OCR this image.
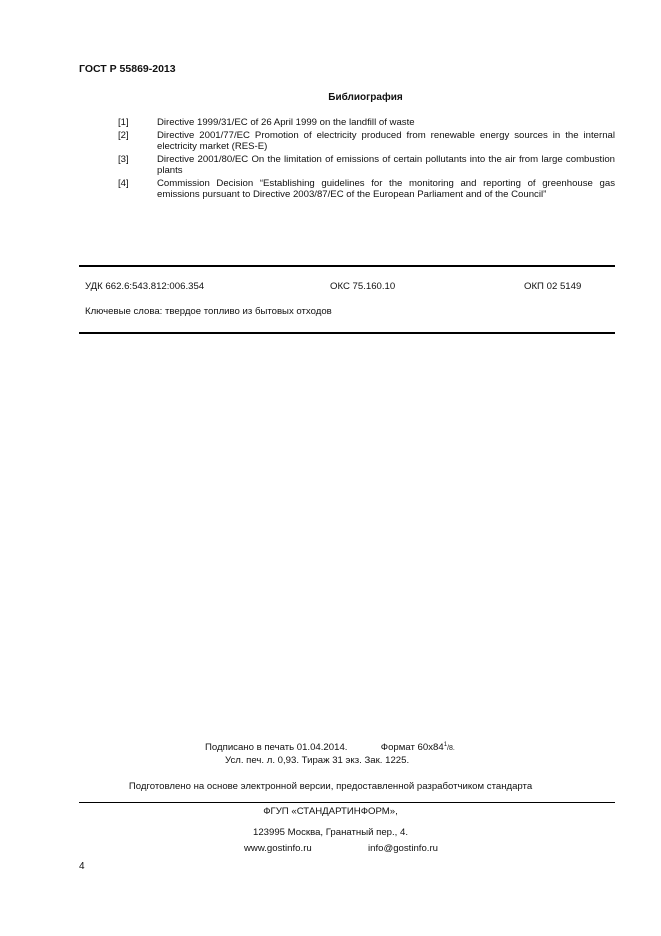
ГОСТ Р 55869-2013
Библиография
[1]	Directive 1999/31/EC of 26 April 1999 on the landfill of waste
[2]	Directive 2001/77/EC Promotion of electricity produced from renewable energy sources in the internal electricity market (RES-E)
[3]	Directive 2001/80/EC On the limitation of emissions of certain pollutants into the air from large combustion plants
[4]	Commission Decision “Establishing guidelines for the monitoring and reporting of greenhouse gas emissions pursuant to Directive 2003/87/EC of the European Parliament and of the Council”
УДК 662.6:543.812:006.354	ОКС 75.160.10	ОКП 02 5149
Ключевые слова: твердое топливо из бытовых отходов
Подписано в печать 01.04.2014.	Формат $60х84^1/8$.
Усл. печ. л. 0,93. Тираж 31 экз. Зак. 1225.
Подготовлено на основе электронной версии, предоставленной разработчиком стандарта
ФГУП «СТАНДАРТИНФОРМ»,
123995 Москва, Гранатный пер., 4.
www.gostinfo.ru	info@gostinfo.ru
4
